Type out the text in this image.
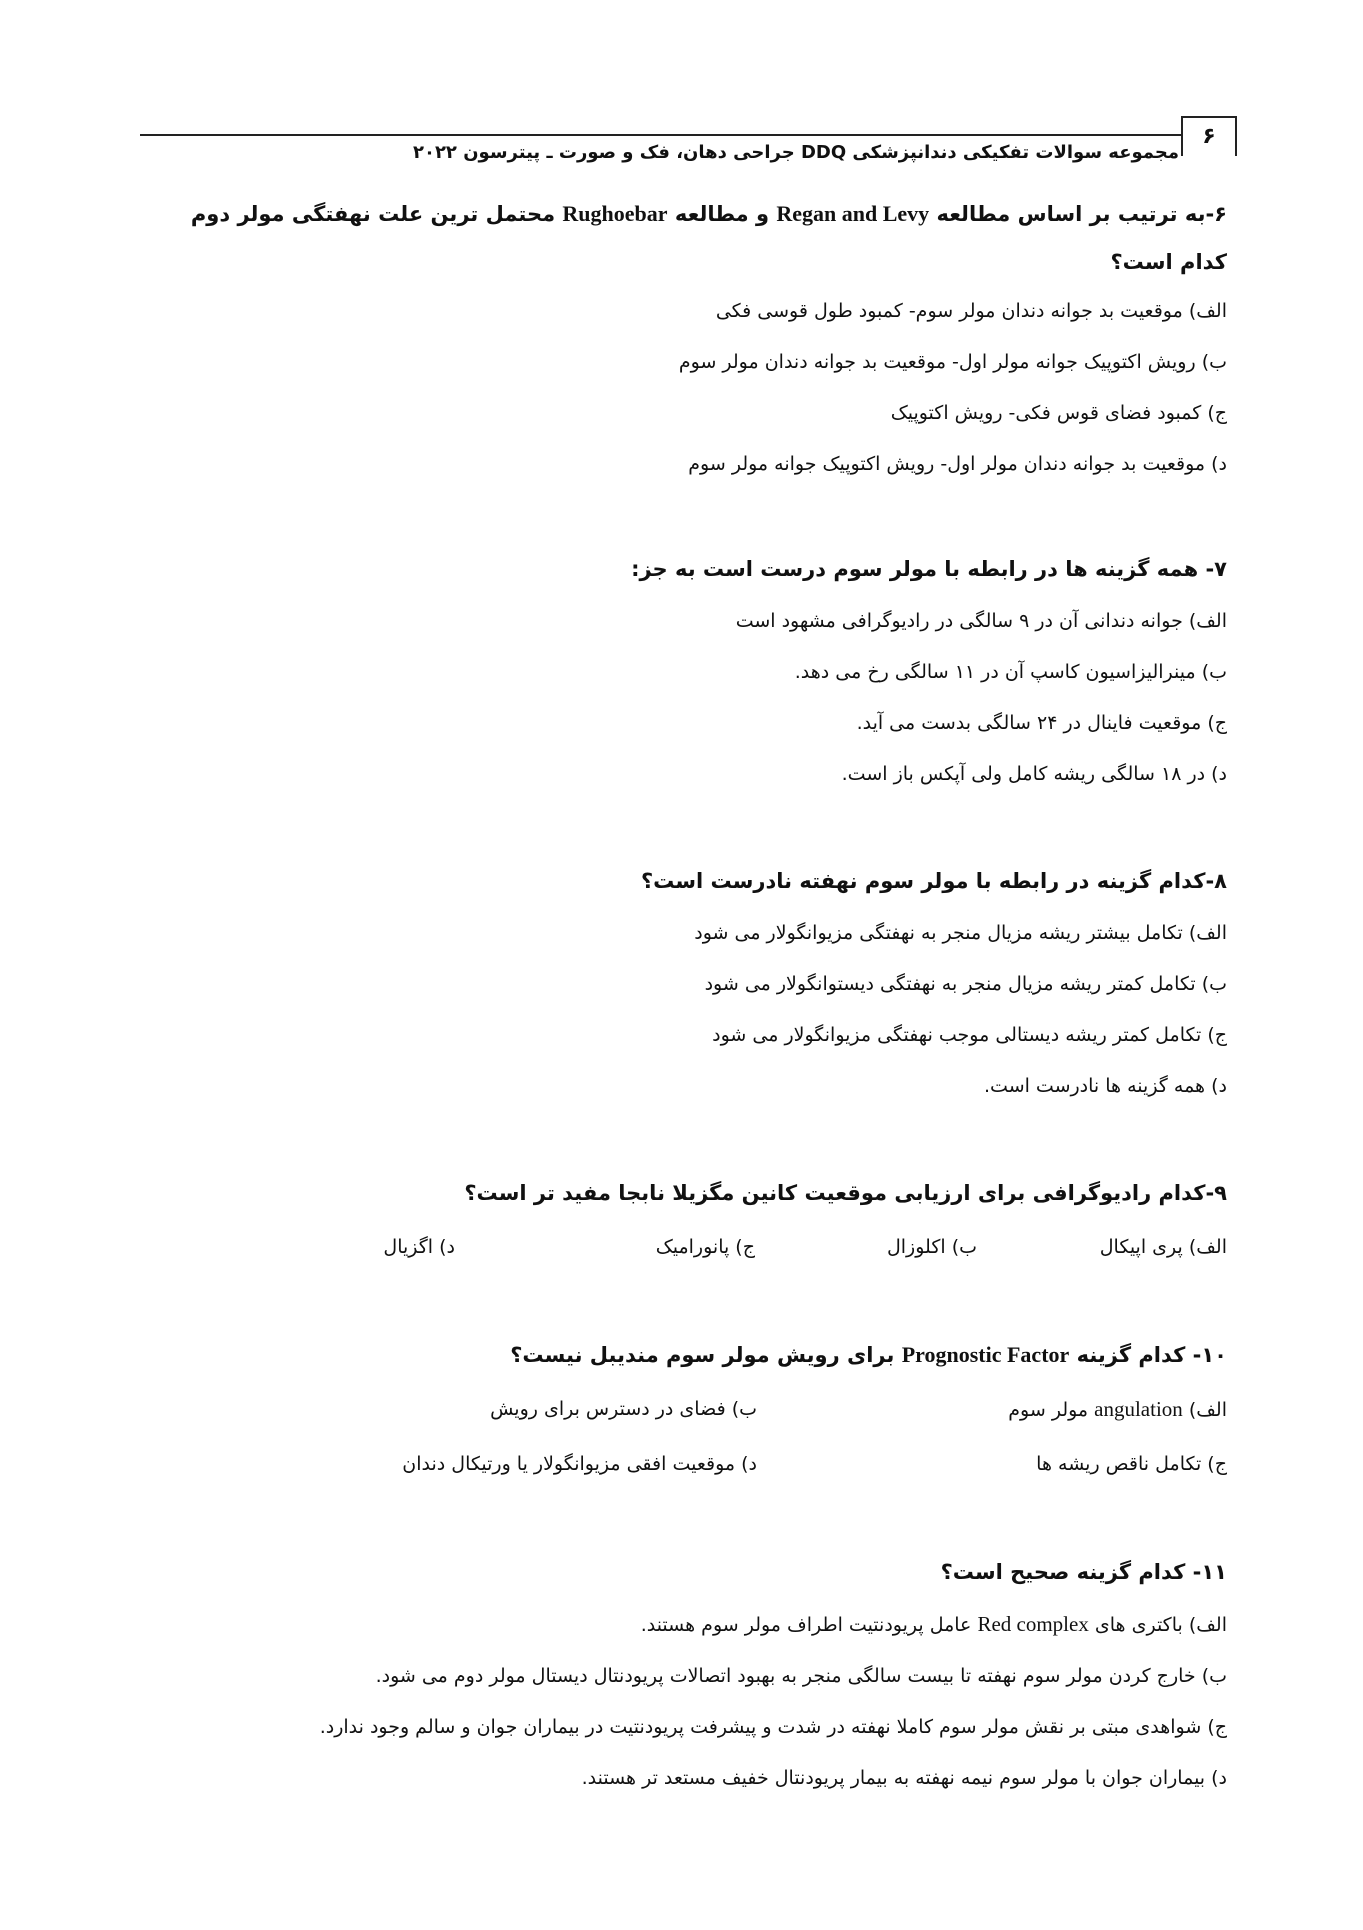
۶
مجموعه سوالات تفکیکی دندانپزشکی DDQ جراحی دهان، فک و صورت ـ پیترسون ۲۰۲۲

۶-به ترتیب بر اساس مطالعه Regan and Levy و مطالعه Rughoebar محتمل ترین علت نهفتگی مولر دوم کدام است؟

الف) موقعیت بد جوانه دندان مولر سوم- کمبود طول قوسی فکی

ب) رویش اکتوپیک جوانه مولر اول- موقعیت بد جوانه دندان مولر سوم

ج) کمبود فضای قوس فکی- رویش اکتوپیک

د) موقعیت بد جوانه دندان مولر اول- رویش اکتوپیک جوانه مولر سوم

۷- همه گزینه ها در رابطه با مولر سوم درست است به جز:

الف) جوانه دندانی آن در ۹ سالگی در رادیوگرافی مشهود است

ب) مینرالیزاسیون کاسپ آن در ۱۱ سالگی رخ می دهد.

ج) موقعیت فاینال در ۲۴ سالگی بدست می آید.

د) در ۱۸ سالگی ریشه کامل ولی آپکس باز است.

۸-کدام گزینه در رابطه با مولر سوم نهفته نادرست است؟

الف) تکامل بیشتر ریشه مزیال منجر به نهفتگی مزیوانگولار می شود

ب) تکامل کمتر ریشه مزیال منجر به نهفتگی دیستوانگولار می شود

ج) تکامل کمتر ریشه دیستالی موجب نهفتگی مزیوانگولار می شود

د) همه گزینه ها نادرست است.

۹-کدام رادیوگرافی برای ارزیابی موقعیت کانین مگزیلا نابجا مفید تر است؟

الف) پری اپیکال
ب) اکلوزال
ج) پانورامیک
د) اگزیال

۱۰- کدام گزینه Prognostic Factor برای رویش مولر سوم مندیبل نیست؟

الف) angulation مولر سوم
ب) فضای در دسترس برای رویش
ج) تکامل ناقص ریشه ها
د) موقعیت افقی مزیوانگولار یا ورتیکال دندان

۱۱- کدام گزینه صحیح است؟

الف) باکتری های Red complex عامل پریودنتیت اطراف مولر سوم هستند.

ب) خارج کردن مولر سوم نهفته تا بیست سالگی منجر به بهبود اتصالات پریودنتال دیستال مولر دوم می شود.

ج) شواهدی مبتی بر نقش مولر سوم کاملا نهفته در شدت و پیشرفت پریودنتیت در بیماران جوان و سالم وجود ندارد.

د) بیماران جوان با مولر سوم نیمه نهفته به بیمار پریودنتال خفیف مستعد تر هستند.
